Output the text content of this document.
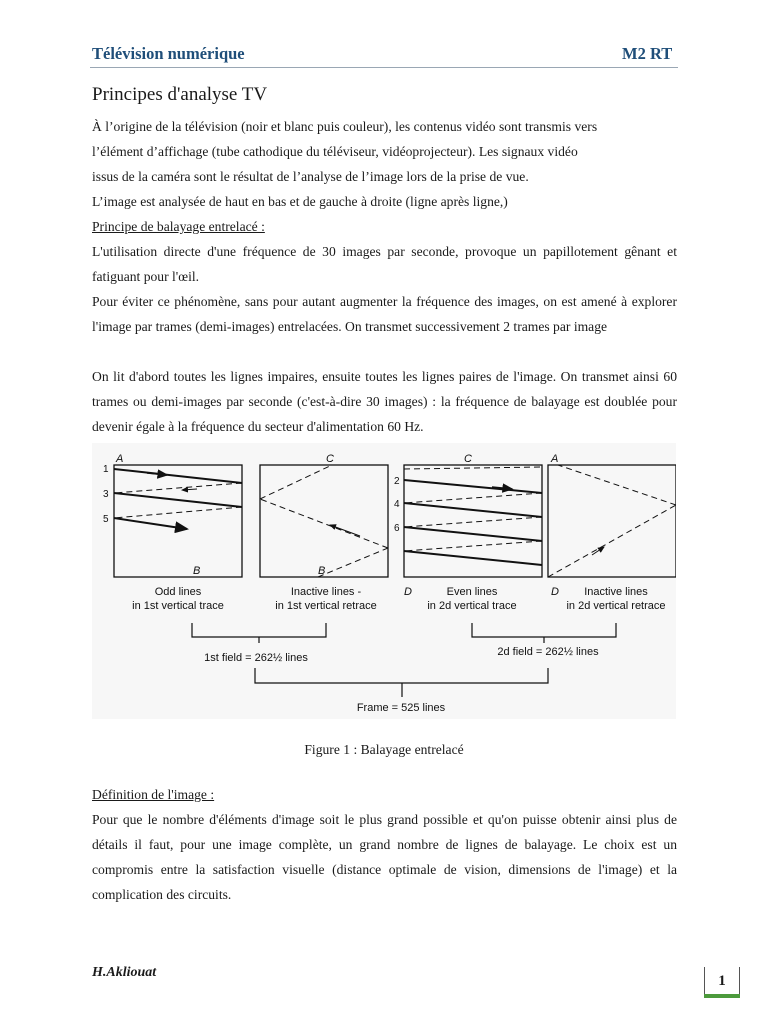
Télévision numérique	M2 RT
Principes d'analyse TV
À l’origine de la télévision (noir et blanc puis couleur), les contenus vidéo sont transmis vers
l’élément d’affichage (tube cathodique du téléviseur, vidéoprojecteur). Les signaux vidéo
issus de la caméra sont le résultat de l’analyse de l’image lors de la prise de vue.
L’image est analysée de haut en bas et de gauche à droite (ligne après ligne,)
Principe de balayage entrelacé :

L'utilisation directe d'une fréquence de 30 images par seconde, provoque un papillotement gênant et fatiguant pour l'œil.

Pour éviter ce phénomène, sans pour autant augmenter la fréquence des images, on est amené à explorer l'image par trames (demi-images) entrelacées. On transmet successivement 2 trames par image

On lit d'abord toutes les lignes impaires, ensuite toutes les lignes paires de l'image. On transmet ainsi 60 trames ou demi-images par seconde (c'est-à-dire 30 images) : la fréquence de balayage est doublée pour devenir égale à la fréquence du secteur d'alimentation 60 Hz.

A
B
C
B
C
D
A
D
1
3
5
2
4
6
Odd lines
in 1st vertical trace
Inactive lines -
in 1st vertical retrace
Even lines
in 2d vertical trace
Inactive lines
in 2d vertical retrace
1st field = 262½ lines	2d field = 262½ lines
Frame = 525 lines
Figure 1 : Balayage entrelacé
Définition de l'image :

Pour que le nombre d'éléments d'image soit le plus grand possible et qu'on puisse obtenir ainsi plus de détails il faut, pour une image complète, un grand nombre de lignes de balayage. Le choix est un compromis entre la satisfaction visuelle (distance optimale de vision, dimensions de l'image) et la complication des circuits.

H.Akliouat
1
